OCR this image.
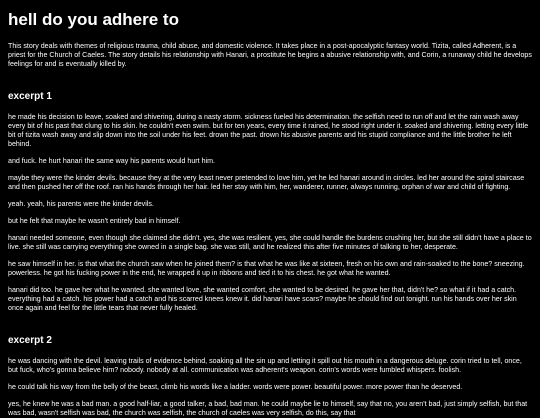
hell do you adhere to

This story deals with themes of religious trauma, child abuse, and domestic violence. It takes place in a post-apocalyptic fantasy world. Tizita, called Adherent, is a priest for the Church of Caeles. The story details his relationship with Hanari, a prostitute he begins a abusive relationship with, and Corin, a runaway child he develops feelings for and is eventually killed by.

excerpt 1

he made his decision to leave, soaked and shivering, during a nasty storm. sickness fueled his determination. the selfish need to run off and let the rain wash away every bit of his past that clung to his skin. he couldn't even swim. but for ten years, every time it rained, he stood right under it. soaked and shivering. letting every little bit of tizita wash away and slip down into the soil under his feet. drown the past. drown his abusive parents and his stupid compliance and the little brother he left behind.

and fuck. he hurt hanari the same way his parents would hurt him.

maybe they were the kinder devils. because they at the very least never pretended to love him, yet he led hanari around in circles. led her around the spiral staircase and then pushed her off the roof. ran his hands through her hair. led her stay with him, her, wanderer, runner, always running, orphan of war and child of fighting.

yeah. yeah, his parents were the kinder devils.

but he felt that maybe he wasn't entirely bad in himself.

hanari needed someone, even though she claimed she didn't. yes, she was resilient, yes, she could handle the burdens crushing her, but she still didn't have a place to live. she still was carrying everything she owned in a single bag. she was still, and he realized this after five minutes of talking to her, desperate.

he saw himself in her. is that what the church saw when he joined them? is that what he was like at sixteen, fresh on his own and rain-soaked to the bone? sneezing. powerless. he got his fucking power in the end, he wrapped it up in ribbons and tied it to his chest. he got what he wanted.

hanari did too. he gave her what he wanted. she wanted love, she wanted comfort, she wanted to be desired. he gave her that, didn't he? so what if it had a catch. everything had a catch. his power had a catch and his scarred knees knew it. did hanari have scars? maybe he should find out tonight. run his hands over her skin once again and feel for the little tears that never fully healed.

excerpt 2

he was dancing with the devil. leaving trails of evidence behind, soaking all the sin up and letting it spill out his mouth in a dangerous deluge. corin tried to tell, once, but fuck, who's gonna believe him? nobody. nobody at all. communication was adherent's weapon. corin's words were fumbled whispers. foolish.

he could talk his way from the belly of the beast, climb his words like a ladder. words were power. beautiful power. more power than he deserved.

yes, he knew he was a bad man. a good half-liar, a good talker, a bad, bad man. he could maybe lie to himself, say that no, you aren't bad, just simply selfish, but that was bad, wasn't selfish was bad, the church was selfish, the church of caeles was very selfish, do this, say that
